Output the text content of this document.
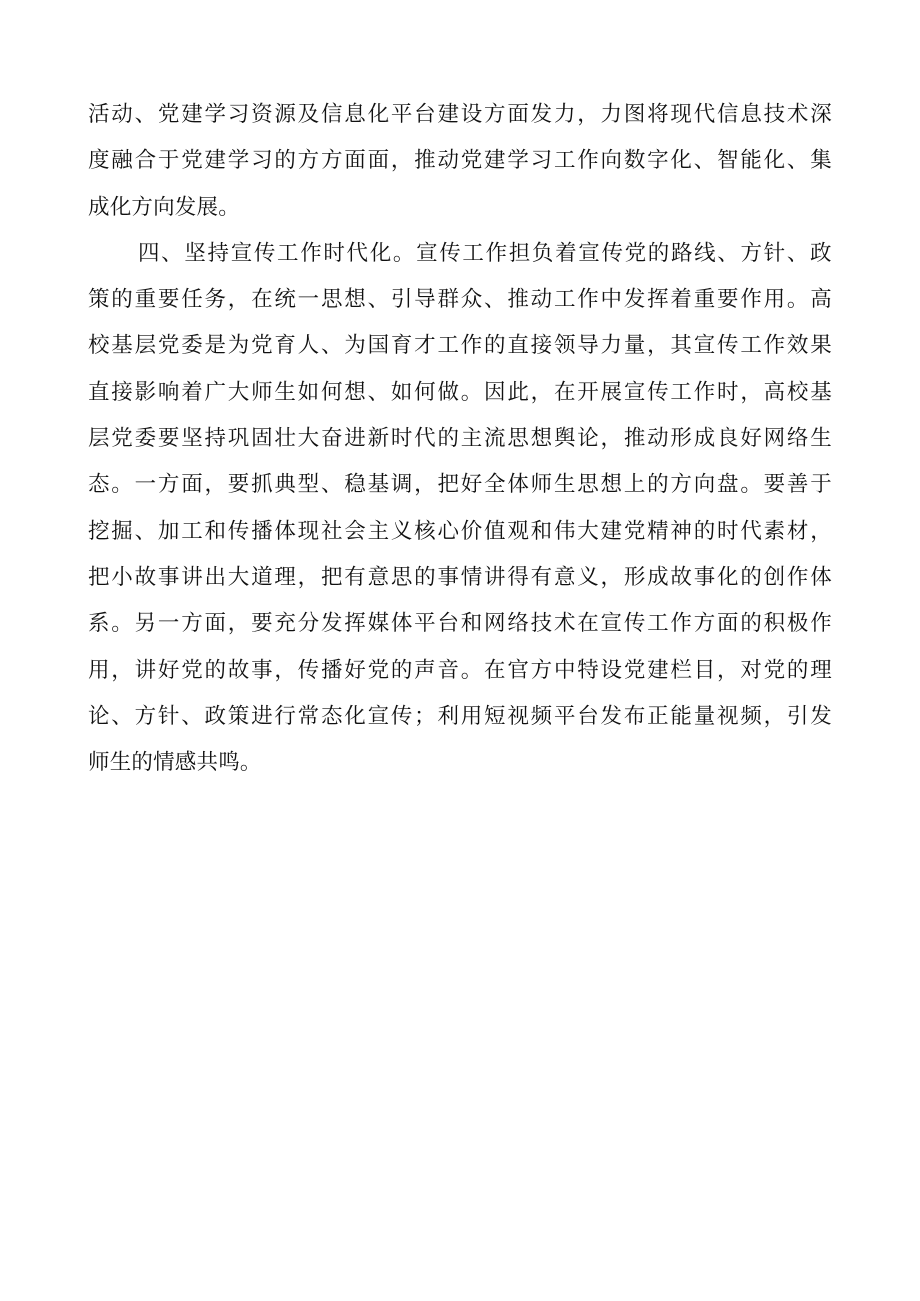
活 动 、 党 建 学 习 资 源 及 信 息 化 平 台 建 设 方 面 发 力 ， 力 图 将 现 代 信 息 技 术 深
度 融 合 于 党 建 学 习 的 方 方 面 面 ， 推 动 党 建 学 习 工 作 向 数 字 化 、 智 能 化 、 集
成化方向发展。
四 、 坚 持 宣 传 工 作 时 代 化 。 宣 传 工 作 担 负 着 宣 传 党 的 路 线 、 方 针 、 政
策 的 重 要 任 务 ， 在 统 一 思 想 、 引 导 群 众 、 推 动 工 作 中 发 挥 着 重 要 作 用 。 高
校 基 层 党 委 是 为 党 育 人 、 为 国 育 才 工 作 的 直 接 领 导 力 量 ， 其 宣 传 工 作 效 果
直 接 影 响 着 广 大 师 生 如 何 想 、 如 何 做 。 因 此 ， 在 开 展 宣 传 工 作 时 ， 高 校 基
层 党 委 要 坚 持 巩 固 壮 大 奋 进 新 时 代 的 主 流 思 想 舆 论 ， 推 动 形 成 良 好 网 络 生
态 。 一 方 面 ， 要 抓 典 型 、 稳 基 调 ， 把 好 全 体 师 生 思 想 上 的 方 向 盘 。 要 善 于
挖 掘 、 加 工 和 传 播 体 现 社 会 主 义 核 心 价 值 观 和 伟 大 建 党 精 神 的 时 代 素 材 ，
把 小 故 事 讲 出 大 道 理 ， 把 有 意 思 的 事 情 讲 得 有 意 义 ， 形 成 故 事 化 的 创 作 体
系 。 另 一 方 面 ， 要 充 分 发 挥 媒 体 平 台 和 网 络 技 术 在 宣 传 工 作 方 面 的 积 极 作
用 ， 讲 好 党 的 故 事 ， 传 播 好 党 的 声 音 。 在 官 方 中 特 设 党 建 栏 目 ， 对 党 的 理
论 、 方 针 、 政 策 进 行 常 态 化 宣 传 ； 利 用 短 视 频 平 台 发 布 正 能 量 视 频 ， 引 发
师生的情感共鸣。
